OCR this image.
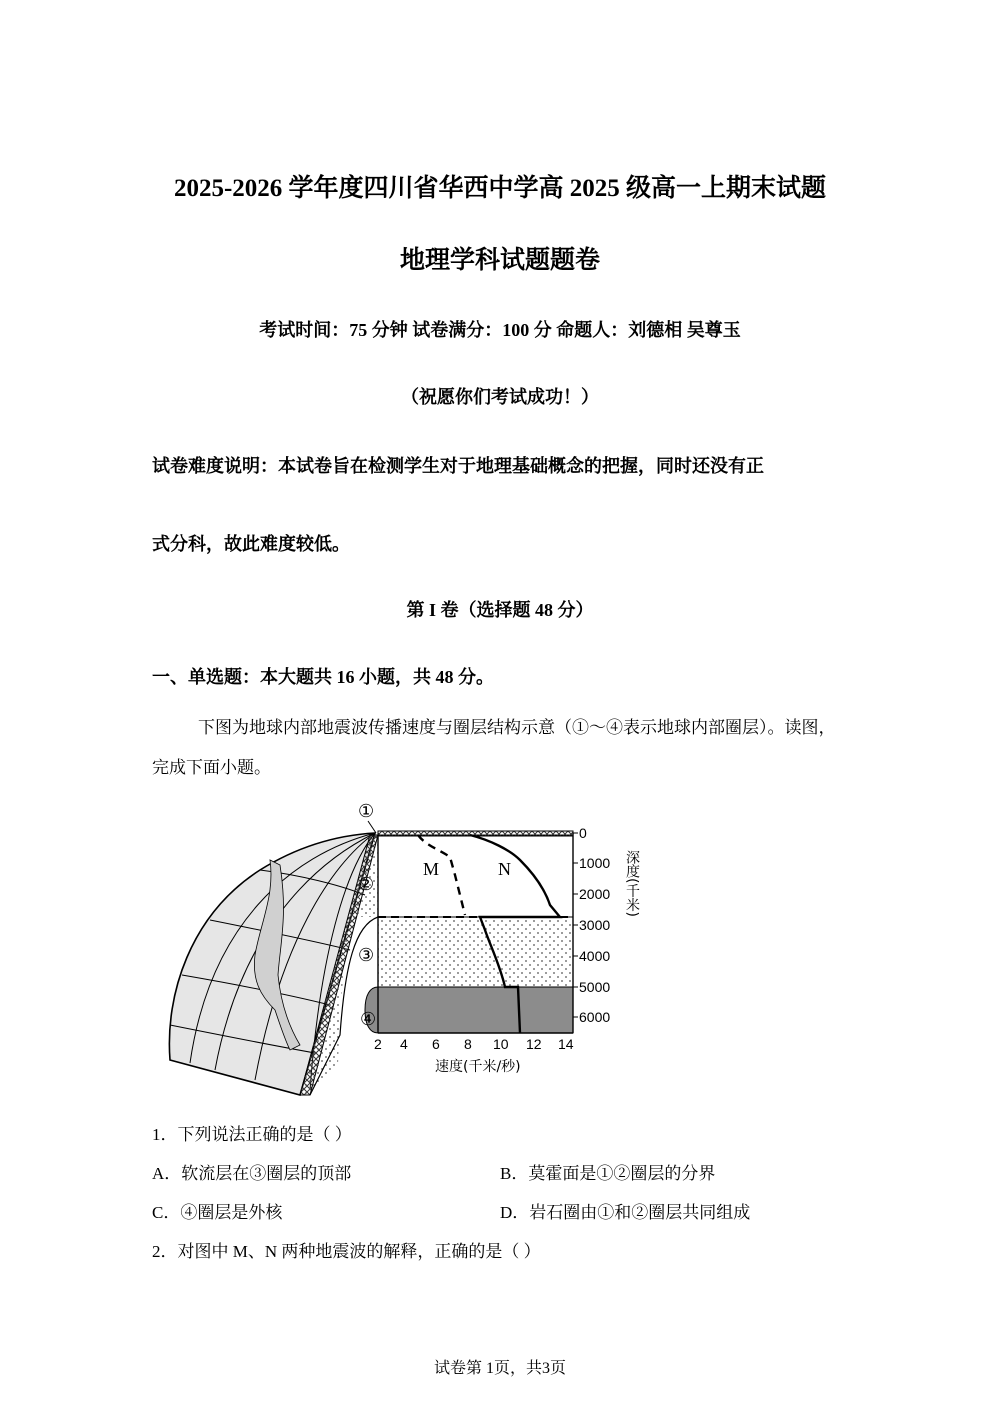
2025-2026 学年度四川省华西中学高 2025 级高一上期末试题
地理学科试题题卷
考试时间：75 分钟 试卷满分：100 分 命题人：刘德相 吴尊玉
（祝愿你们考试成功！）
试卷难度说明：本试卷旨在检测学生对于地理基础概念的把握，同时还没有正
式分科，故此难度较低。
第 I 卷（选择题 48 分）
一、单选题：本大题共 16 小题，共 48 分。
下图为地球内部地震波传播速度与圈层结构示意（①～④表示地球内部圈层）。读图，完成下面小题。
M	N
①
②
③
④
0
1000
2000
3000
4000
5000
6000
深度(千米)
2 4 6 8 10 12 14
速度(千米/秒)
1．下列说法正确的是（ ）
A．软流层在③圈层的顶部	B．莫霍面是①②圈层的分界
C．④圈层是外核	D．岩石圈由①和②圈层共同组成
2．对图中 M、N 两种地震波的解释，正确的是（ ）
试卷第 1页，共3页
